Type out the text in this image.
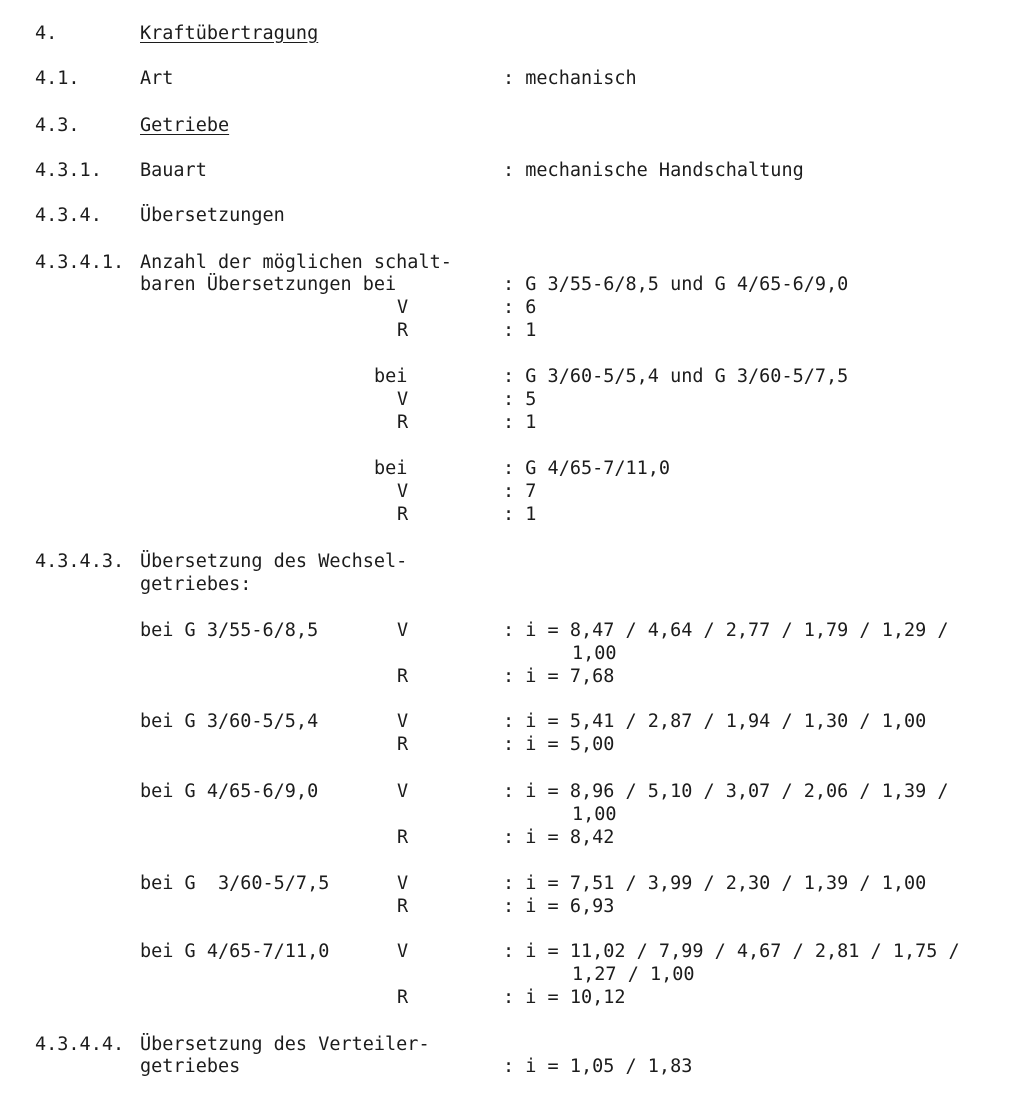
4.	Kraftübertragung
4.1.	Art	: mechanisch
4.3.	Getriebe
4.3.1. Bauart	: mechanische Handschaltung
4.3.4. Übersetzungen
4.3.4.1. Anzahl der möglichen schalt-
baren Übersetzungen bei	: G 3/55-6/8,5 und G 4/65-6/9,0
V	: 6
R	: 1
bei	: G 3/60-5/5,4 und G 3/60-5/7,5
V	: 5
R	: 1
bei	: G 4/65-7/11,0
V	: 7
R	: 1
4.3.4.3. Übersetzung des Wechsel-
getriebes:
bei G 3/55-6/8,5	V	: i = 8,47 / 4,64 / 2,77 / 1,79 / 1,29 /
1,00
R	: i = 7,68
bei G 3/60-5/5,4	V	: i = 5,41 / 2,87 / 1,94 / 1,30 / 1,00
R	: i = 5,00
bei G 4/65-6/9,0	V	: i = 8,96 / 5,10 / 3,07 / 2,06 / 1,39 /
1,00
R	: i = 8,42
bei G  3/60-5/7,5	V	: i = 7,51 / 3,99 / 2,30 / 1,39 / 1,00
R	: i = 6,93
bei G 4/65-7/11,0	V	: i = 11,02 / 7,99 / 4,67 / 2,81 / 1,75 /
1,27 / 1,00
R	: i = 10,12
4.3.4.4. Übersetzung des Verteiler-
getriebes	: i = 1,05 / 1,83
